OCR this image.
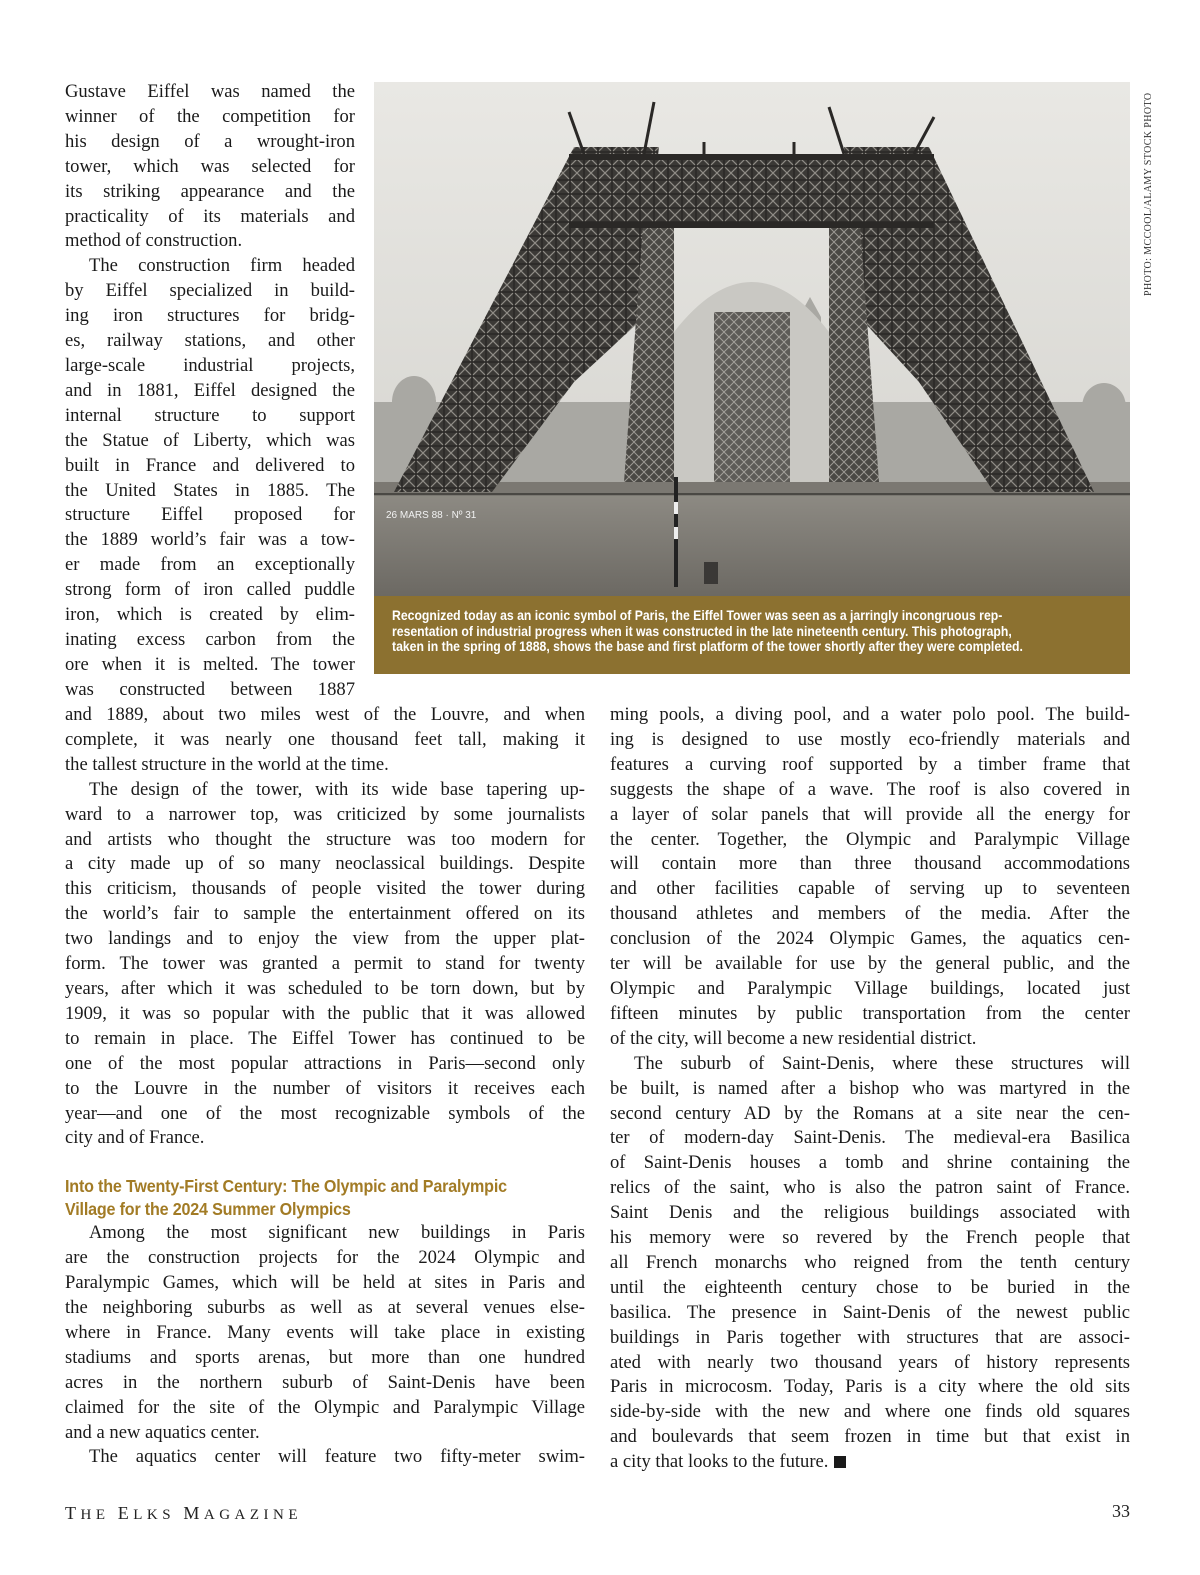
26 MARS 88 · Nº 31
PHOTO: MCCOOL/ALAMY STOCK PHOTO
Recognized today as an iconic symbol of Paris, the Eiffel Tower was seen as a jarringly incongruous rep-
resentation of industrial progress when it was constructed in the late nineteenth century. This photograph,
taken in the spring of 1888, shows the base and first platform of the tower shortly after they were completed.
Gustave Eiffel was named the
winner of the competition for
his design of a wrought-iron
tower, which was selected for
its striking appearance and the
practicality of its materials and
method of construction.
The construction firm headed
by Eiffel specialized in build-
ing iron structures for bridg-
es, railway stations, and other
large-scale industrial projects,
and in 1881, Eiffel designed the
internal structure to support
the Statue of Liberty, which was
built in France and delivered to
the United States in 1885. The
structure Eiffel proposed for
the 1889 world’s fair was a tow-
er made from an exceptionally
strong form of iron called puddle
iron, which is created by elim-
inating excess carbon from the
ore when it is melted. The tower
was constructed between 1887
and 1889, about two miles west of the Louvre, and when
complete, it was nearly one thousand feet tall, making it
the tallest structure in the world at the time.
The design of the tower, with its wide base tapering up-
ward to a narrower top, was criticized by some journalists
and artists who thought the structure was too modern for
a city made up of so many neoclassical buildings. Despite
this criticism, thousands of people visited the tower during
the world’s fair to sample the entertainment offered on its
two landings and to enjoy the view from the upper plat-
form. The tower was granted a permit to stand for twenty
years, after which it was scheduled to be torn down, but by
1909, it was so popular with the public that it was allowed
to remain in place. The Eiffel Tower has continued to be
one of the most popular attractions in Paris—second only
to the Louvre in the number of visitors it receives each
year—and one of the most recognizable symbols of the
city and of France.
Into the Twenty-First Century: The Olympic and Paralympic
Village for the 2024 Summer Olympics
Among the most significant new buildings in Paris
are the construction projects for the 2024 Olympic and
Paralympic Games, which will be held at sites in Paris and
the neighboring suburbs as well as at several venues else-
where in France. Many events will take place in existing
stadiums and sports arenas, but more than one hundred
acres in the northern suburb of Saint-Denis have been
claimed for the site of the Olympic and Paralympic Village
and a new aquatics center.
The aquatics center will feature two fifty-meter swim-
ming pools, a diving pool, and a water polo pool. The build-
ing is designed to use mostly eco-friendly materials and
features a curving roof supported by a timber frame that
suggests the shape of a wave. The roof is also covered in
a layer of solar panels that will provide all the energy for
the center. Together, the Olympic and Paralympic Village
will contain more than three thousand accommodations
and other facilities capable of serving up to seventeen
thousand athletes and members of the media. After the
conclusion of the 2024 Olympic Games, the aquatics cen-
ter will be available for use by the general public, and the
Olympic and Paralympic Village buildings, located just
fifteen minutes by public transportation from the center
of the city, will become a new residential district.
The suburb of Saint-Denis, where these structures will
be built, is named after a bishop who was martyred in the
second century AD by the Romans at a site near the cen-
ter of modern-day Saint-Denis. The medieval-era Basilica
of Saint-Denis houses a tomb and shrine containing the
relics of the saint, who is also the patron saint of France.
Saint Denis and the religious buildings associated with
his memory were so revered by the French people that
all French monarchs who reigned from the tenth century
until the eighteenth century chose to be buried in the
basilica. The presence in Saint-Denis of the newest public
buildings in Paris together with structures that are associ-
ated with nearly two thousand years of history represents
Paris in microcosm. Today, Paris is a city where the old sits
side-by-side with the new and where one finds old squares
and boulevards that seem frozen in time but that exist in
a city that looks to the future.
THE ELKS MAGAZINE	33
